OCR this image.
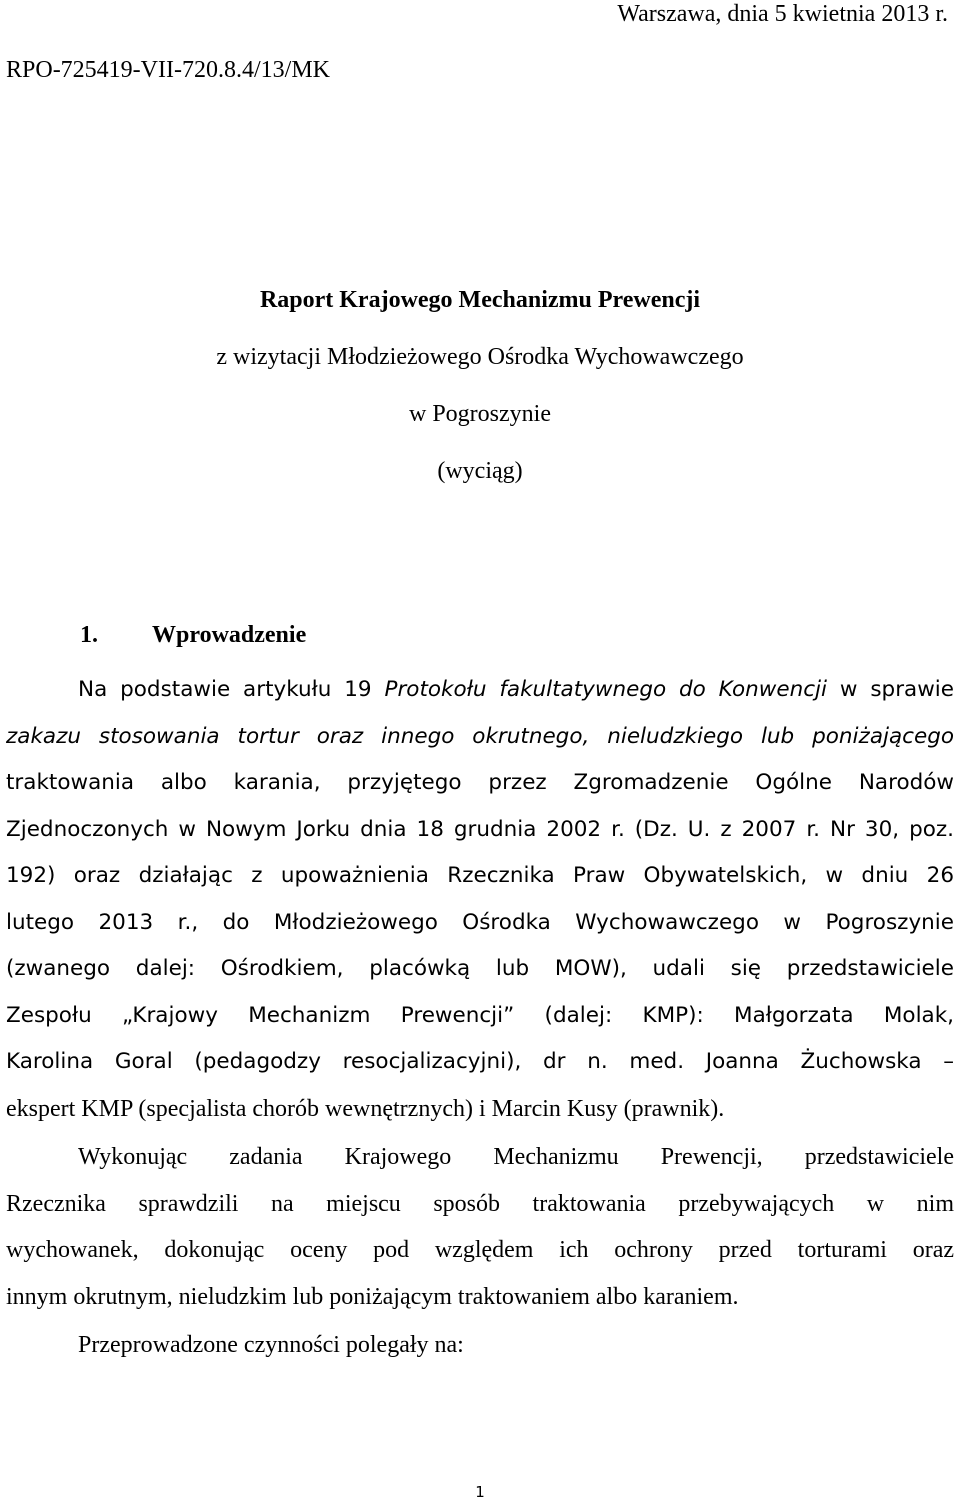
Warszawa, dnia 5 kwietnia 2013 r.
RPO-725419-VII-720.8.4/13/MK
Raport Krajowego Mechanizmu Prewencji
z wizytacji Młodzieżowego Ośrodka Wychowawczego
w Pogroszynie
(wyciąg)
1. Wprowadzenie
Na podstawie artykułu 19 Protokołu fakultatywnego do Konwencji w sprawie
zakazu stosowania tortur oraz innego okrutnego, nieludzkiego lub poniżającego
traktowania albo karania, przyjętego przez Zgromadzenie Ogólne Narodów
Zjednoczonych w Nowym Jorku dnia 18 grudnia 2002 r. (Dz. U. z 2007 r. Nr 30, poz.
192) oraz działając z upoważnienia Rzecznika Praw Obywatelskich, w dniu 26
lutego 2013 r., do Młodzieżowego Ośrodka Wychowawczego w Pogroszynie
(zwanego dalej: Ośrodkiem, placówką lub MOW), udali się przedstawiciele
Zespołu „Krajowy Mechanizm Prewencji” (dalej: KMP): Małgorzata Molak,
Karolina Goral (pedagodzy resocjalizacyjni), dr n. med. Joanna Żuchowska –
ekspert KMP (specjalista chorób wewnętrznych) i Marcin Kusy (prawnik).
Wykonując zadania Krajowego Mechanizmu Prewencji, przedstawiciele
Rzecznika sprawdzili na miejscu sposób traktowania przebywających w nim
wychowanek, dokonując oceny pod względem ich ochrony przed torturami oraz
innym okrutnym, nieludzkim lub poniżającym traktowaniem albo karaniem.
Przeprowadzone czynności polegały na:
1
